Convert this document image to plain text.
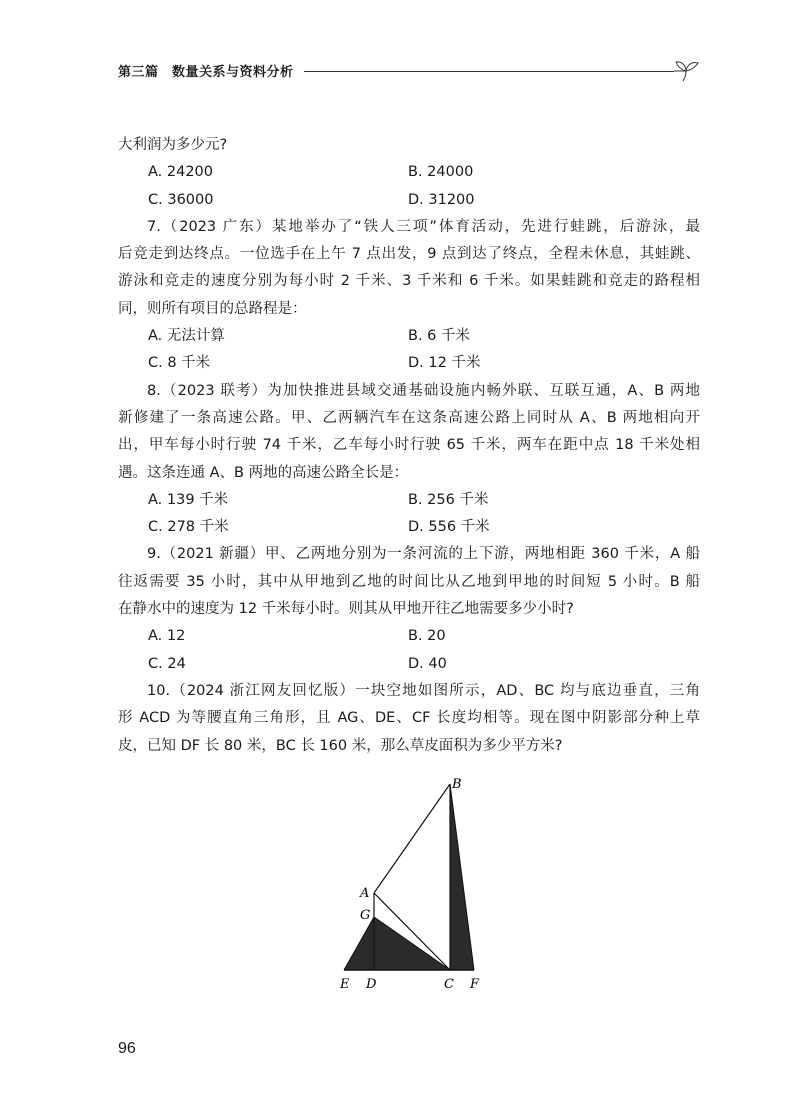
第三篇　数量关系与资料分析
大利润为多少元?
A. 24200	B. 24000
C. 36000	D. 31200
7.（2023 广东）某地举办了“铁人三项”体育活动，先进行蛙跳，后游泳，最
后竞走到达终点。一位选手在上午 7 点出发，9 点到达了终点，全程未休息，其蛙跳、
游泳和竞走的速度分别为每小时 2 千米、3 千米和 6 千米。如果蛙跳和竞走的路程相
同，则所有项目的总路程是：
A. 无法计算	B. 6 千米
C. 8 千米	D. 12 千米
8.（2023 联考）为加快推进县域交通基础设施内畅外联、互联互通，A、B 两地
新修建了一条高速公路。甲、乙两辆汽车在这条高速公路上同时从 A、B 两地相向开
出，甲车每小时行驶 74 千米，乙车每小时行驶 65 千米，两车在距中点 18 千米处相
遇。这条连通 A、B 两地的高速公路全长是：
A. 139 千米	B. 256 千米
C. 278 千米	D. 556 千米
9.（2021 新疆）甲、乙两地分别为一条河流的上下游，两地相距 360 千米，A 船
往返需要 35 小时，其中从甲地到乙地的时间比从乙地到甲地的时间短 5 小时。B 船
在静水中的速度为 12 千米每小时。则其从甲地开往乙地需要多少小时?
A. 12	B. 20
C. 24	D. 40
10.（2024 浙江网友回忆版）一块空地如图所示，AD、BC 均与底边垂直，三角
形 ACD 为等腰直角三角形，且 AG、DE、CF 长度均相等。现在图中阴影部分种上草
皮，已知 DF 长 80 米，BC 长 160 米，那么草皮面积为多少平方米?
B
A
G
E D	C F
96
